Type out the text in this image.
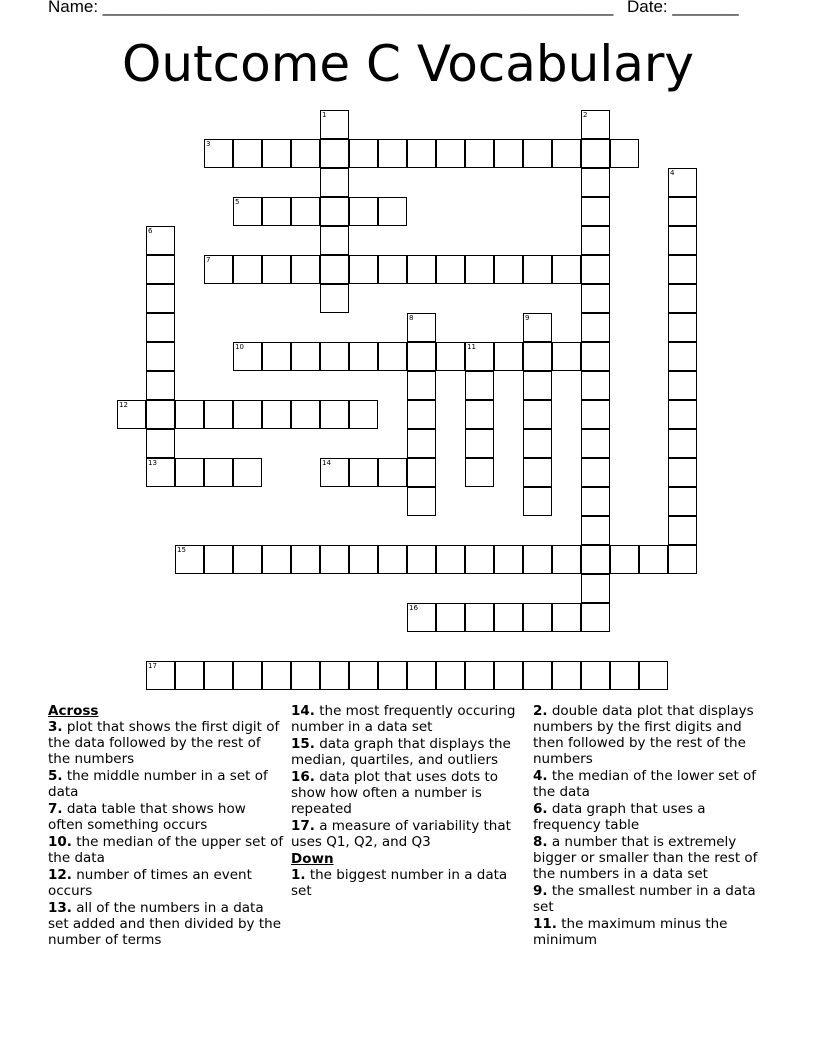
Name: ______________________________________________________ Date: _______
Outcome C Vocabulary
1	2
3
4
5
6
13
7
8	9
10	11
12
14
15
16
17
Across
3. plot that shows the first digit of the data followed by the rest of the numbers
5. the middle number in a set of data
7. data table that shows how often something occurs
10. the median of the upper set of the data
12. number of times an event occurs
13. all of the numbers in a data set added and then divided by the number of terms
14. the most frequently occuring number in a data set
15. data graph that displays the median, quartiles, and outliers
16. data plot that uses dots to show how often a number is repeated
17. a measure of variability that uses Q1, Q2, and Q3
Down
1. the biggest number in a data set
2. double data plot that displays numbers by the first digits and then followed by the rest of the numbers
4. the median of the lower set of the data
6. data graph that uses a frequency table
8. a number that is extremely bigger or smaller than the rest of the numbers in a data set
9. the smallest number in a data set
11. the maximum minus the minimum
